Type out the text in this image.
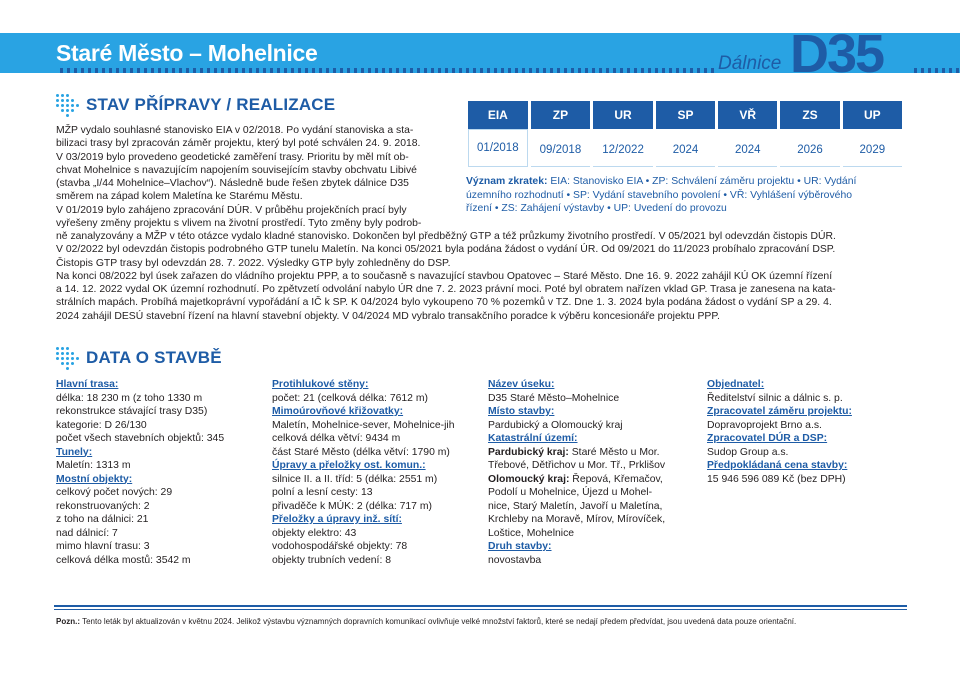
Staré Město – Mohelnice	Dálnice D35
STAV PŘÍPRAVY / REALIZACE
MŽP vydalo souhlasné stanovisko EIA v 02/2018. Po vydání stanoviska a sta-
bilizaci trasy byl zpracován záměr projektu, který byl poté schválen 24. 9. 2018.
V 03/2019 bylo provedeno geodetické zaměření trasy. Prioritu by měl mít ob-
chvat Mohelnice s navazujícím napojením souvisejícím stavby obchvatu Libivé
(stavba „I/44 Mohelnice–Vlachov“). Následně bude řešen zbytek dálnice D35
směrem na západ kolem Maletína ke Starému Městu.
V 01/2019 bylo zahájeno zpracování DÚR. V průběhu projekčních prací byly
vyřešeny změny projektu s vlivem na životní prostředí. Tyto změny byly podrob-
ně zanalyzovány a MŽP v této otázce vydalo kladné stanovisko. Dokončen byl předběžný GTP a též průzkumy životního prostředí. V 05/2021 byl odevzdán čistopis DÚR.
V 02/2022 byl odevzdán čistopis podrobného GTP tunelu Maletín. Na konci 05/2021 byla podána žádost o vydání ÚR. Od 09/2021 do 11/2023 probíhalo zpracování DSP.
Čistopis GTP trasy byl odevzdán 28. 7. 2022. Výsledky GTP byly zohledněny do DSP.
Na konci 08/2022 byl úsek zařazen do vládního projektu PPP, a to současně s navazující stavbou Opatovec – Staré Město. Dne 16. 9. 2022 zahájil KÚ OK územní řízení
a 14. 12. 2022 vydal OK územní rozhodnutí. Po zpětvzetí odvolání nabylo ÚR dne 7. 2. 2023 právní moci. Poté byl obratem nařízen vklad GP. Trasa je zanesena na kata-
strálních mapách. Probíhá majetkoprávní vypořádání a IČ k SP. K 04/2024 bylo vykoupeno 70 % pozemků v TZ. Dne 1. 3. 2024 byla podána žádost o vydání SP a 29. 4.
2024 zahájil DESÚ stavební řízení na hlavní stavební objekty. V 04/2024 MD vybralo transakčního poradce k výběru koncesionáře projektu PPP.
EIA	ZP	UR	SP	VŘ	ZS	UP
01/2018	09/2018	12/2022	2024	2024	2026	2029
Význam zkratek: EIA: Stanovisko EIA • ZP: Schválení záměru projektu • UR: Vydání
územního rozhodnutí • SP: Vydání stavebního povolení • VŘ: Vyhlášení výběrového
řízení • ZS: Zahájení výstavby • UP: Uvedení do provozu
DATA O STAVBĚ
Hlavní trasa:
délka: 18 230 m (z toho 1330 m
rekonstrukce stávající trasy D35)
kategorie: D 26/130
počet všech stavebních objektů: 345
Tunely:
Maletín: 1313 m
Mostní objekty:
celkový počet nových: 29
rekonstruovaných: 2
z toho na dálnici: 21
nad dálnicí: 7
mimo hlavní trasu: 3
celková délka mostů: 3542 m
Protihlukové stěny:
počet: 21 (celková délka: 7612 m)
Mimoúrovňové křižovatky:
Maletín, Mohelnice-sever, Mohelnice-jih
celková délka větví: 9434 m
část Staré Město (délka větví: 1790 m)
Úpravy a přeložky ost. komun.:
silnice II. a II. tříd: 5 (délka: 2551 m)
polní a lesní cesty: 13
přivaděče k MÚK: 2 (délka: 717 m)
Přeložky a úpravy inž. sítí:
objekty elektro: 43
vodohospodářské objekty: 78
objekty trubních vedení: 8
Název úseku:
D35 Staré Město–Mohelnice
Místo stavby:
Pardubický a Olomoucký kraj
Katastrální území:
Pardubický kraj: Staré Město u Mor.
Třebové, Dětřichov u Mor. Tř., Prklišov
Olomoucký kraj: Řepová, Křemačov,
Podolí u Mohelnice, Újezd u Mohel-
nice, Starý Maletín, Javoří u Maletína,
Krchleby na Moravě, Mírov, Mírovíček,
Loštice, Mohelnice
Druh stavby:
novostavba
Objednatel:
Ředitelství silnic a dálnic s. p.
Zpracovatel záměru projektu:
Dopravoprojekt Brno a.s.
Zpracovatel DÚR a DSP:
Sudop Group a.s.
Předpokládaná cena stavby:
15 946 596 089 Kč (bez DPH)
Pozn.: Tento leták byl aktualizován v květnu 2024. Jelikož výstavbu významných dopravních komunikací ovlivňuje velké množství faktorů, které se nedají předem předvídat, jsou uvedená data pouze orientační.
